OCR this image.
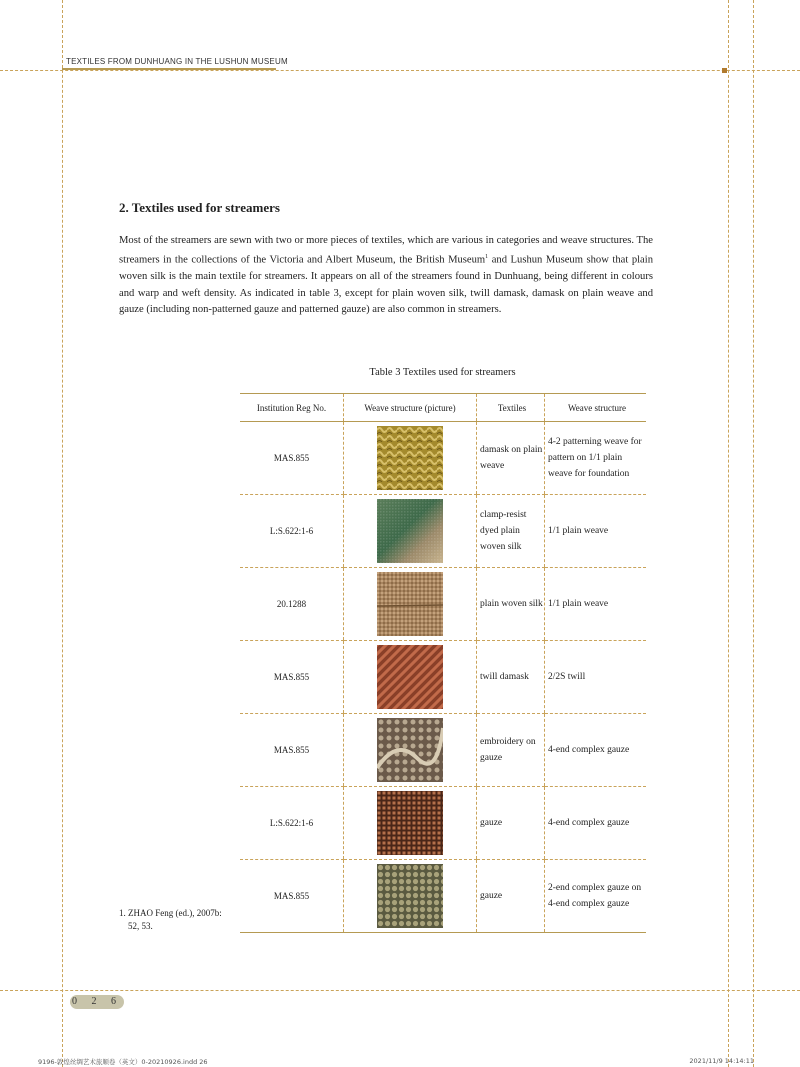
TEXTILES FROM DUNHUANG IN THE LUSHUN MUSEUM
2. Textiles used for streamers

Most of the streamers are sewn with two or more pieces of textiles, which are various in categories and weave structures. The streamers in the collections of the Victoria and Albert Museum, the British Museum$^1$ and Lushun Museum show that plain woven silk is the main textile for streamers. It appears on all of the streamers found in Dunhuang, being different in colours and warp and weft density. As indicated in table 3, except for plain woven silk, twill damask, damask on plain weave and gauze (including non-patterned gauze and patterned gauze) are also common in streamers.

Table 3 Textiles used for streamers
Institution Reg No.	Weave structure (picture)	Textiles	Weave structure
MAS.855		damask on plain weave	4-2 patterning weave for pattern on 1/1 plain weave for foundation
L:S.622:1-6		clamp-resist dyed plain woven silk	1/1 plain weave
20.1288		plain woven silk	1/1 plain weave
MAS.855		twill damask	2/2S twill
MAS.855		embroidery on gauze	4-end complex gauze
L:S.622:1-6		gauze	4-end complex gauze
MAS.855		gauze	2-end complex gauze on 4-end complex gauze
1. ZHAO Feng (ed.), 2007b:
52, 53.
0 2 6
9196-敦煌丝绸艺术旅顺卷（英文）0-20210926.indd 26	2021/11/9 14:14:11
